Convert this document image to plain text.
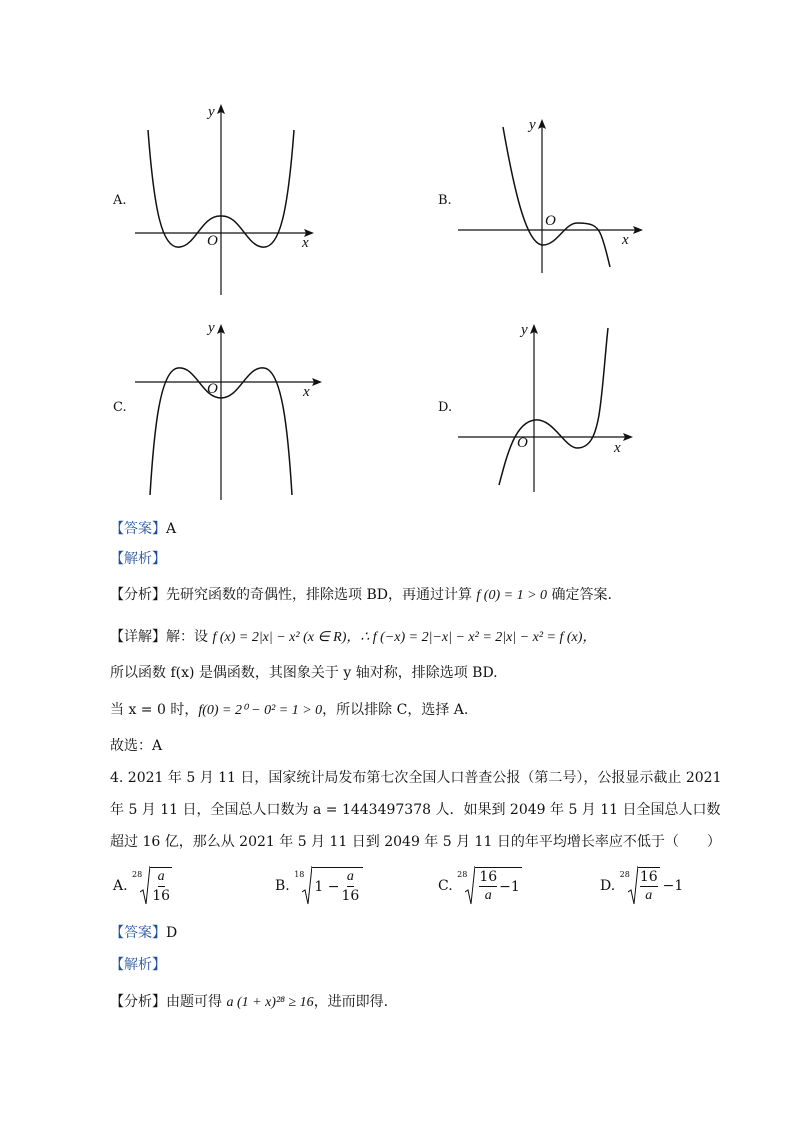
A.
y
x
O
B.
y
x
O
C.
y
x
O
D.
y
x
O
【答案】A
【解析】
【分析】先研究函数的奇偶性，排除选项 BD，再通过计算 f (0) = 1 > 0 确定答案.
【详解】解：设 f (x) = 2|x| − x² (x ∈ R)，∴ f (−x) = 2|−x| − x² = 2|x| − x² = f (x)，
所以函数 f(x) 是偶函数，其图象关于 y 轴对称，排除选项 BD.
当 x = 0 时，f(0) = 2⁰ − 0² = 1 > 0，所以排除 C，选择 A.
故选：A
4. 2021 年 5 月 11 日，国家统计局发布第七次全国人口普查公报（第二号），公报显示截止 2021
年 5 月 11 日，全国总人口数为 a = 1443497378 人．如果到 2049 年 5 月 11 日全国总人口数
超过 16 亿，那么从 2021 年 5 月 11 日到 2049 年 5 月 11 日的年平均增长率应不低于（　　）
A.
$28 \frac{a}{16}$	B.
18
$1 - \frac{a}{16}$	C.
$28 \frac{16}{a} -1$	D.
$28 \frac{16}{a} -1$
【答案】D
【解析】
【分析】由题可得 a (1 + x)²⁸ ≥ 16，进而即得.
